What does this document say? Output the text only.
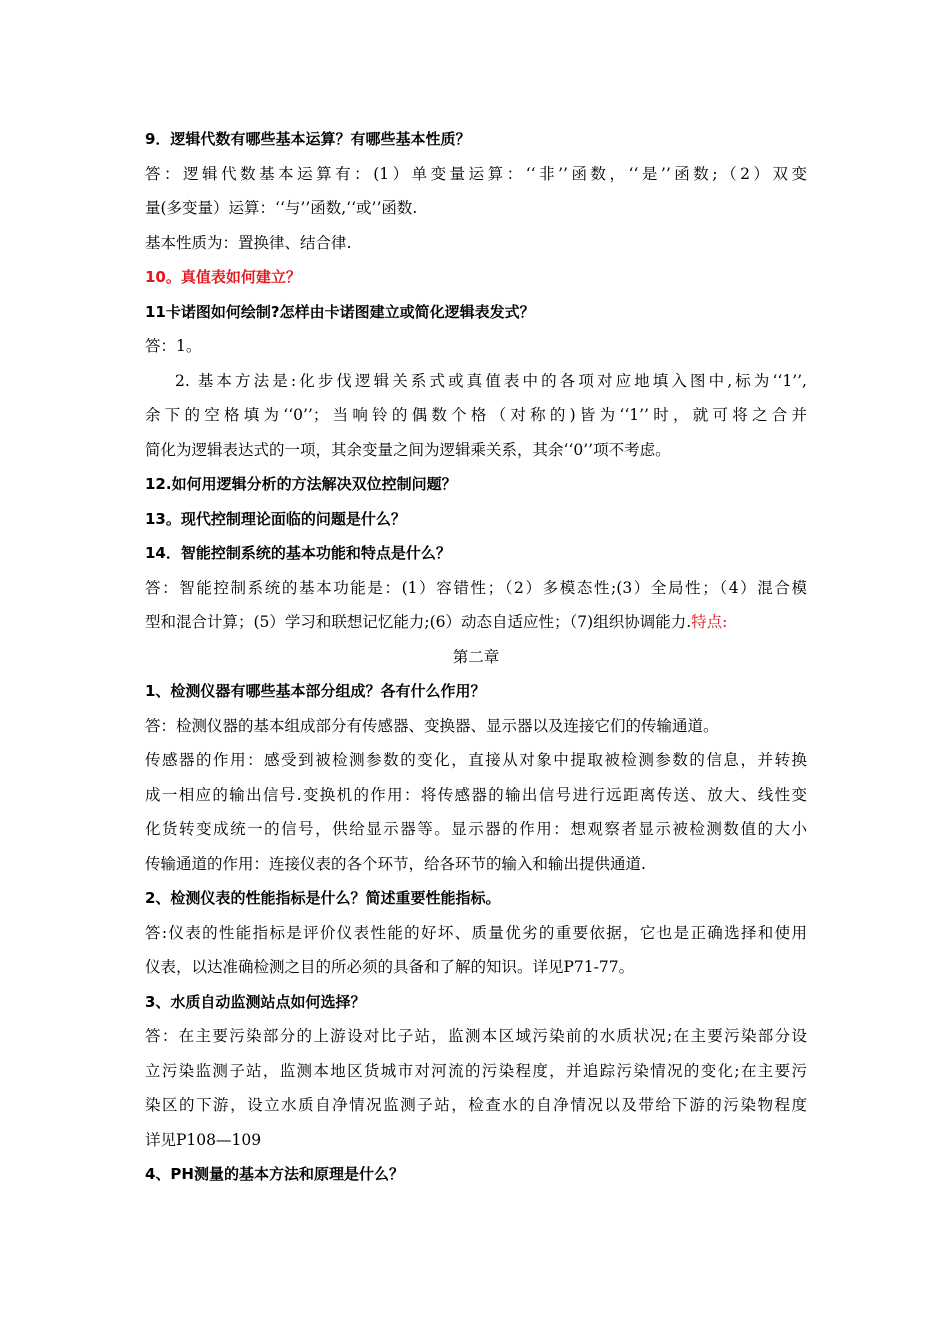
9．逻辑代数有哪些基本运算？有哪些基本性质？
答：逻辑代数基本运算有：(1）单变量运算：‘‘非’’函数，‘‘是’’函数;（2）双变
量(多变量）运算：‘‘与’’函数,‘‘或’’函数.
基本性质为：置换律、结合律.
10。真值表如何建立？
11卡诺图如何绘制?怎样由卡诺图建立或简化逻辑表发式？
答：1。
2. 基本方法是:化步伐逻辑关系式或真值表中的各项对应地填入图中,标为‘‘1’’,
余下的空格填为‘‘0’’；当响铃的偶数个格（对称的)皆为‘‘1’’时，就可将之合并
简化为逻辑表达式的一项，其余变量之间为逻辑乘关系，其余‘‘0’’项不考虑。
12.如何用逻辑分析的方法解决双位控制问题？
13。现代控制理论面临的问题是什么？
14．智能控制系统的基本功能和特点是什么？
答：智能控制系统的基本功能是：(1）容错性；（2）多模态性;(3）全局性；（4）混合模
型和混合计算；(5）学习和联想记忆能力;(6）动态自适应性；（7)组织协调能力.特点:
第二章
1、检测仪器有哪些基本部分组成？各有什么作用？
答：检测仪器的基本组成部分有传感器、变换器、显示器以及连接它们的传输通道。
传感器的作用：感受到被检测参数的变化，直接从对象中提取被检测参数的信息，并转换
成一相应的输出信号.变换机的作用：将传感器的输出信号进行远距离传送、放大、线性变
化货转变成统一的信号，供给显示器等。显示器的作用：想观察者显示被检测数值的大小
传输通道的作用：连接仪表的各个环节，给各环节的输入和输出提供通道.
2、检测仪表的性能指标是什么？简述重要性能指标。
答:仪表的性能指标是评价仪表性能的好坏、质量优劣的重要依据，它也是正确选择和使用
仪表，以达准确检测之目的所必须的具备和了解的知识。详见P71-77。
3、水质自动监测站点如何选择？
答：在主要污染部分的上游设对比子站，监测本区域污染前的水质状况;在主要污染部分设
立污染监测子站，监测本地区货城市对河流的污染程度，并追踪污染情况的变化;在主要污
染区的下游，设立水质自净情况监测子站，检查水的自净情况以及带给下游的污染物程度
详见P108—109
4、PH测量的基本方法和原理是什么？
